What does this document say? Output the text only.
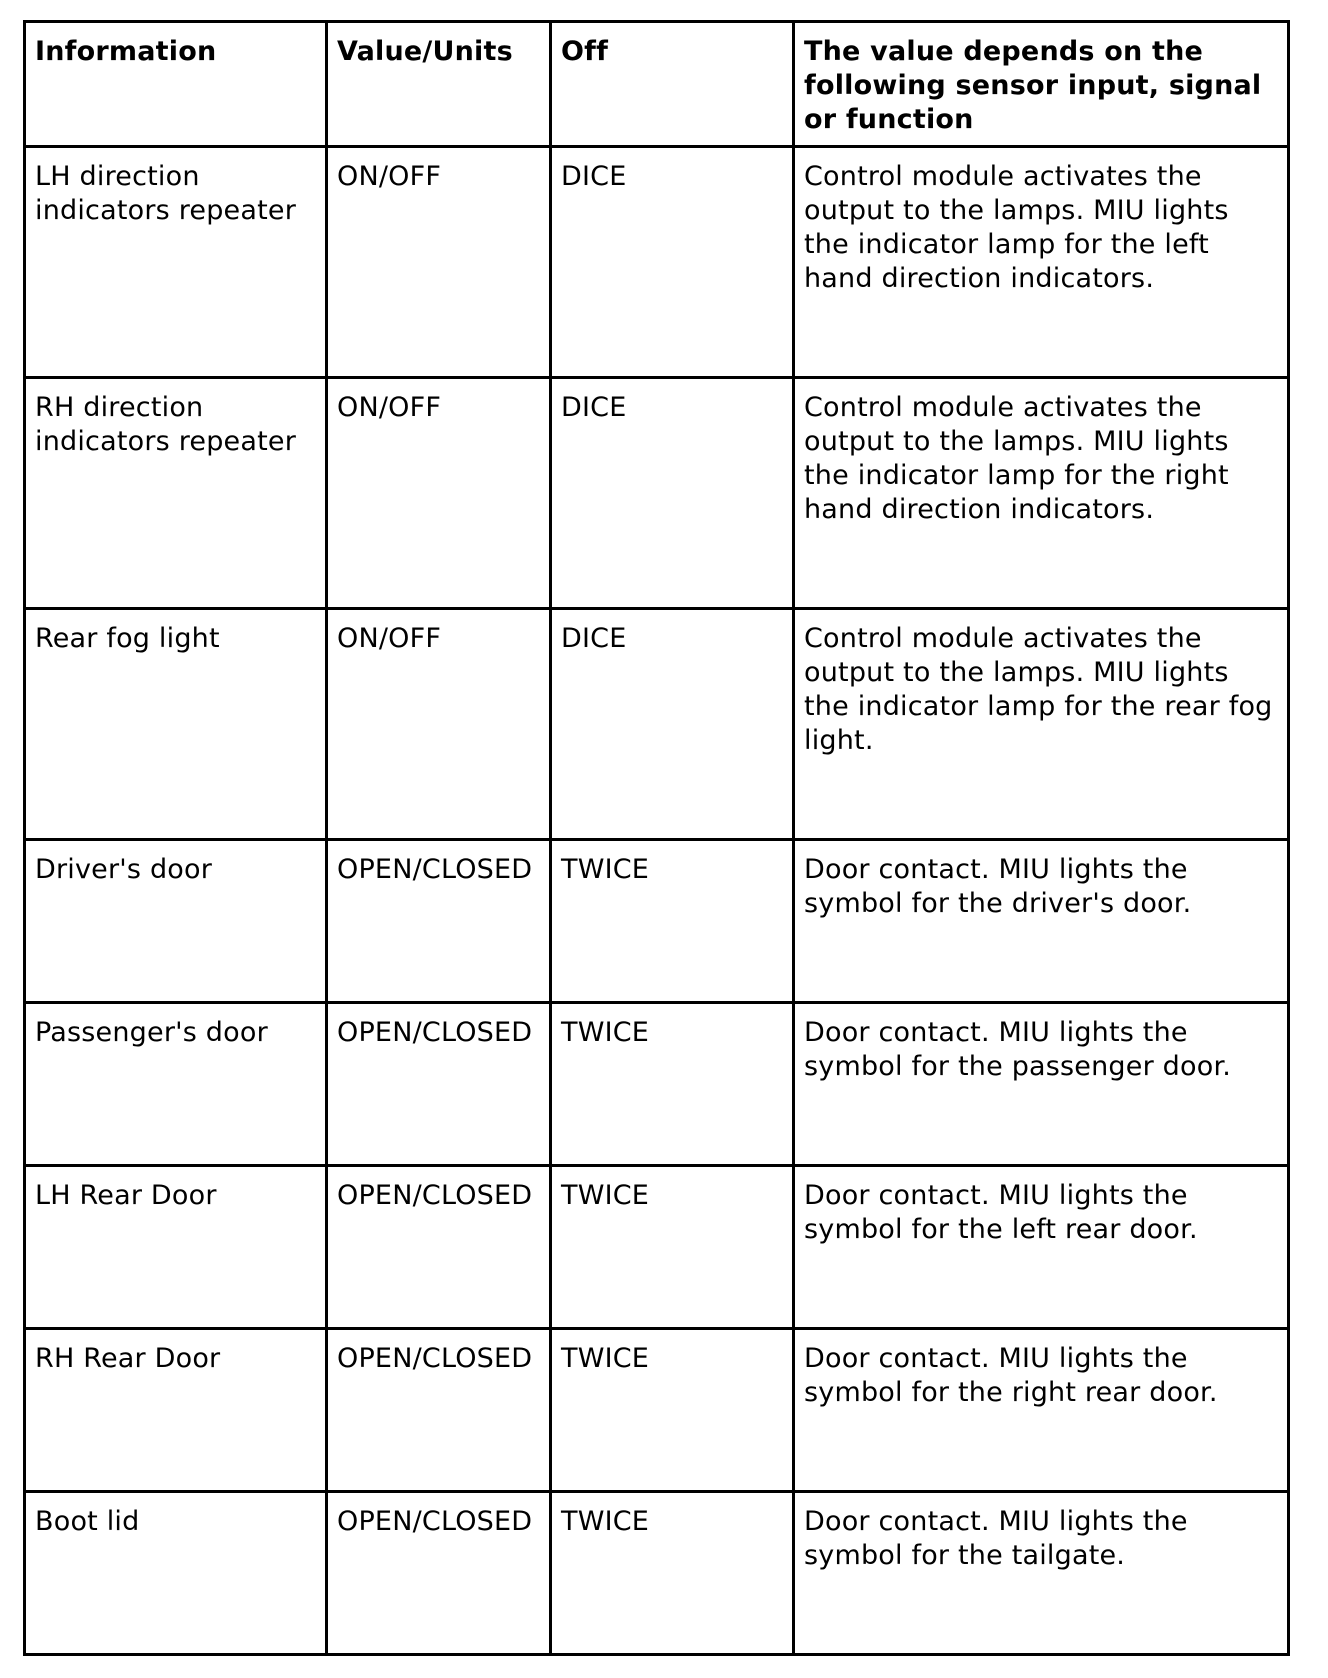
Information	Value/Units	Off	The value depends on the following sensor input, signal or function
LH direction indicators repeater	ON/OFF	DICE	Control module activates the output to the lamps. MIU lights the indicator lamp for the left hand direction indicators.
RH direction indicators repeater	ON/OFF	DICE	Control module activates the output to the lamps. MIU lights the indicator lamp for the right hand direction indicators.
Rear fog light	ON/OFF	DICE	Control module activates the output to the lamps. MIU lights the indicator lamp for the rear fog light.
Driver's door	OPEN/CLOSED	TWICE	Door contact. MIU lights the symbol for the driver's door.
Passenger's door	OPEN/CLOSED	TWICE	Door contact. MIU lights the symbol for the passenger door.
LH Rear Door	OPEN/CLOSED	TWICE	Door contact. MIU lights the symbol for the left rear door.
RH Rear Door	OPEN/CLOSED	TWICE	Door contact. MIU lights the symbol for the right rear door.
Boot lid	OPEN/CLOSED	TWICE	Door contact. MIU lights the symbol for the tailgate.
